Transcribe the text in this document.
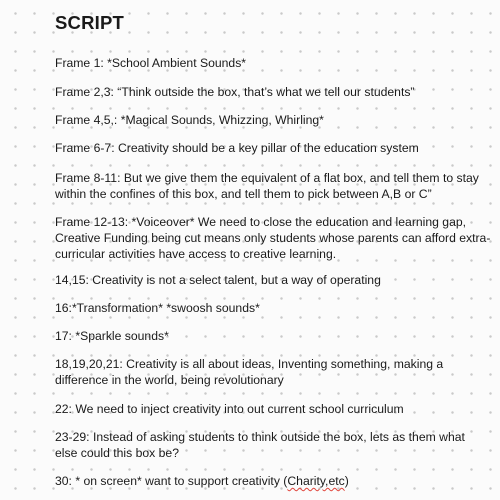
SCRIPT
Frame 1: *School Ambient Sounds*
Frame 2,3: “Think outside the box, that’s what we tell our students”
Frame 4,5,: *Magical Sounds, Whizzing, Whirling*
Frame 6-7: Creativity should be a key pillar of the education system
Frame 8-11: But we give them the equivalent of a flat box, and tell them to stay
within the confines of this box, and tell them to pick between A,B or C”
Frame 12-13: *Voiceover* We need to close the education and learning gap,
Creative Funding being cut means only students whose parents can afford extra-
curricular activities have access to creative learning.
14,15: Creativity is not a select talent, but a way of operating
16:*Transformation* *swoosh sounds*
17: *Sparkle sounds*
18,19,20,21: Creativity is all about ideas, Inventing something, making a
difference in the world, being revolutionary
22: We need to inject creativity into out current school curriculum
23-29: Instead of asking students to think outside the box, lets as them what
else could this box be?
30: * on screen* want to support creativity (Charity,etc)
